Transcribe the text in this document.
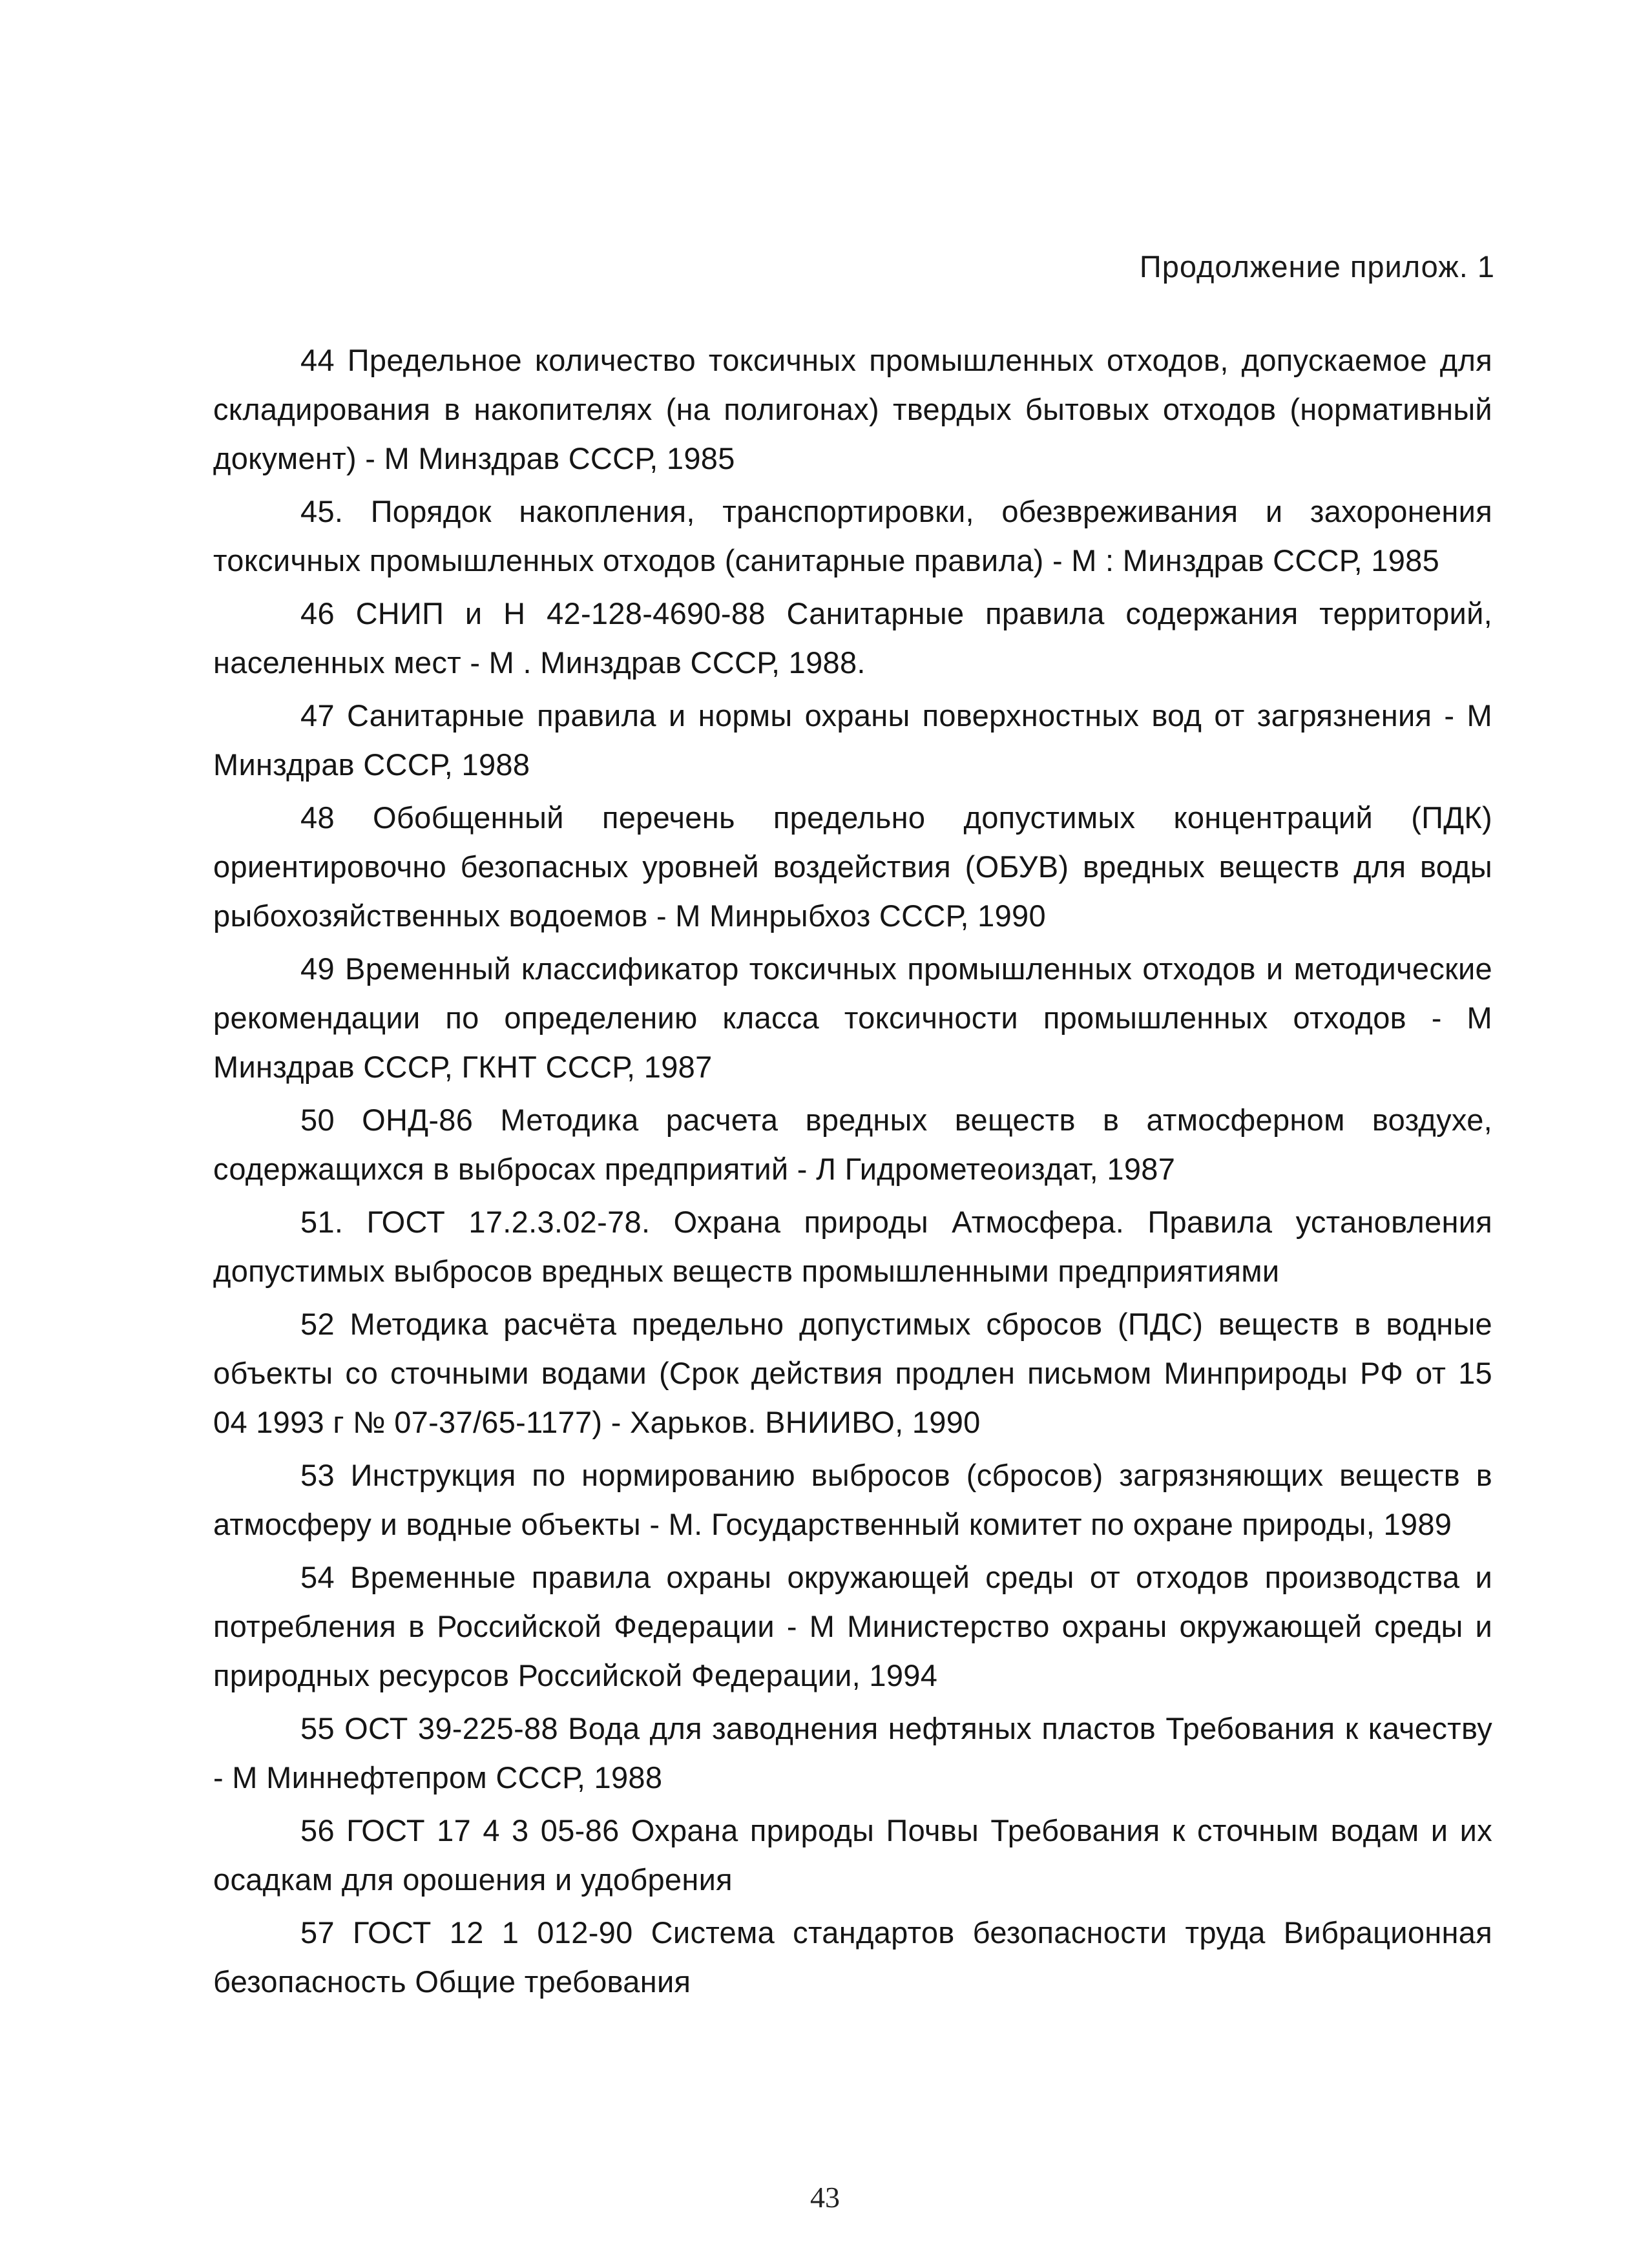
Продолжение прилож. 1

44 Предельное количество токсичных промышленных отходов, допускаемое для складирования в накопителях (на полигонах) твердых бытовых отходов (нормативный документ) - М Минздрав СССР, 1985

45. Порядок накопления, транспортировки, обезвреживания и захоронения токсичных промышленных отходов (санитарные правила) - М : Минздрав СССР, 1985

46 СНИП и Н 42-128-4690-88 Санитарные правила содержания территорий, населенных мест - М . Минздрав СССР, 1988.

47 Санитарные правила и нормы охраны поверхностных вод от загрязнения - М Минздрав СССР, 1988

48 Обобщенный перечень предельно допустимых концентраций (ПДК) ориентировочно безопасных уровней воздействия (ОБУВ) вредных веществ для воды рыбохозяйственных водоемов - М Минрыбхоз СССР, 1990

49 Временный классификатор токсичных промышленных отходов и методические рекомендации по определению класса токсичности промышленных отходов - М Минздрав СССР, ГКНТ СССР, 1987

50 ОНД-86 Методика расчета вредных веществ в атмосферном воздухе, содержащихся в выбросах предприятий - Л Гидрометеоиздат, 1987

51. ГОСТ 17.2.3.02-78. Охрана природы Атмосфера. Правила установления допустимых выбросов вредных веществ промышленными предприятиями

52 Методика расчёта предельно допустимых сбросов (ПДС) веществ в водные объекты со сточными водами (Срок действия продлен письмом Минприроды РФ от 15 04 1993 г № 07-37/65-1177) - Харьков. ВНИИВО, 1990

53 Инструкция по нормированию выбросов (сбросов) загрязняющих веществ в атмосферу и водные объекты - М. Государственный комитет по охране природы, 1989

54 Временные правила охраны окружающей среды от отходов производства и потребления в Российской Федерации - М Министерство охраны окружающей среды и природных ресурсов Российской Федерации, 1994

55 ОСТ 39-225-88 Вода для заводнения нефтяных пластов Требования к качеству - М Миннефтепром СССР, 1988

56 ГОСТ 17 4 3 05-86 Охрана природы Почвы Требования к сточным водам и их осадкам для орошения и удобрения

57 ГОСТ 12 1 012-90 Система стандартов безопасности труда Вибрационная безопасность Общие требования

43
